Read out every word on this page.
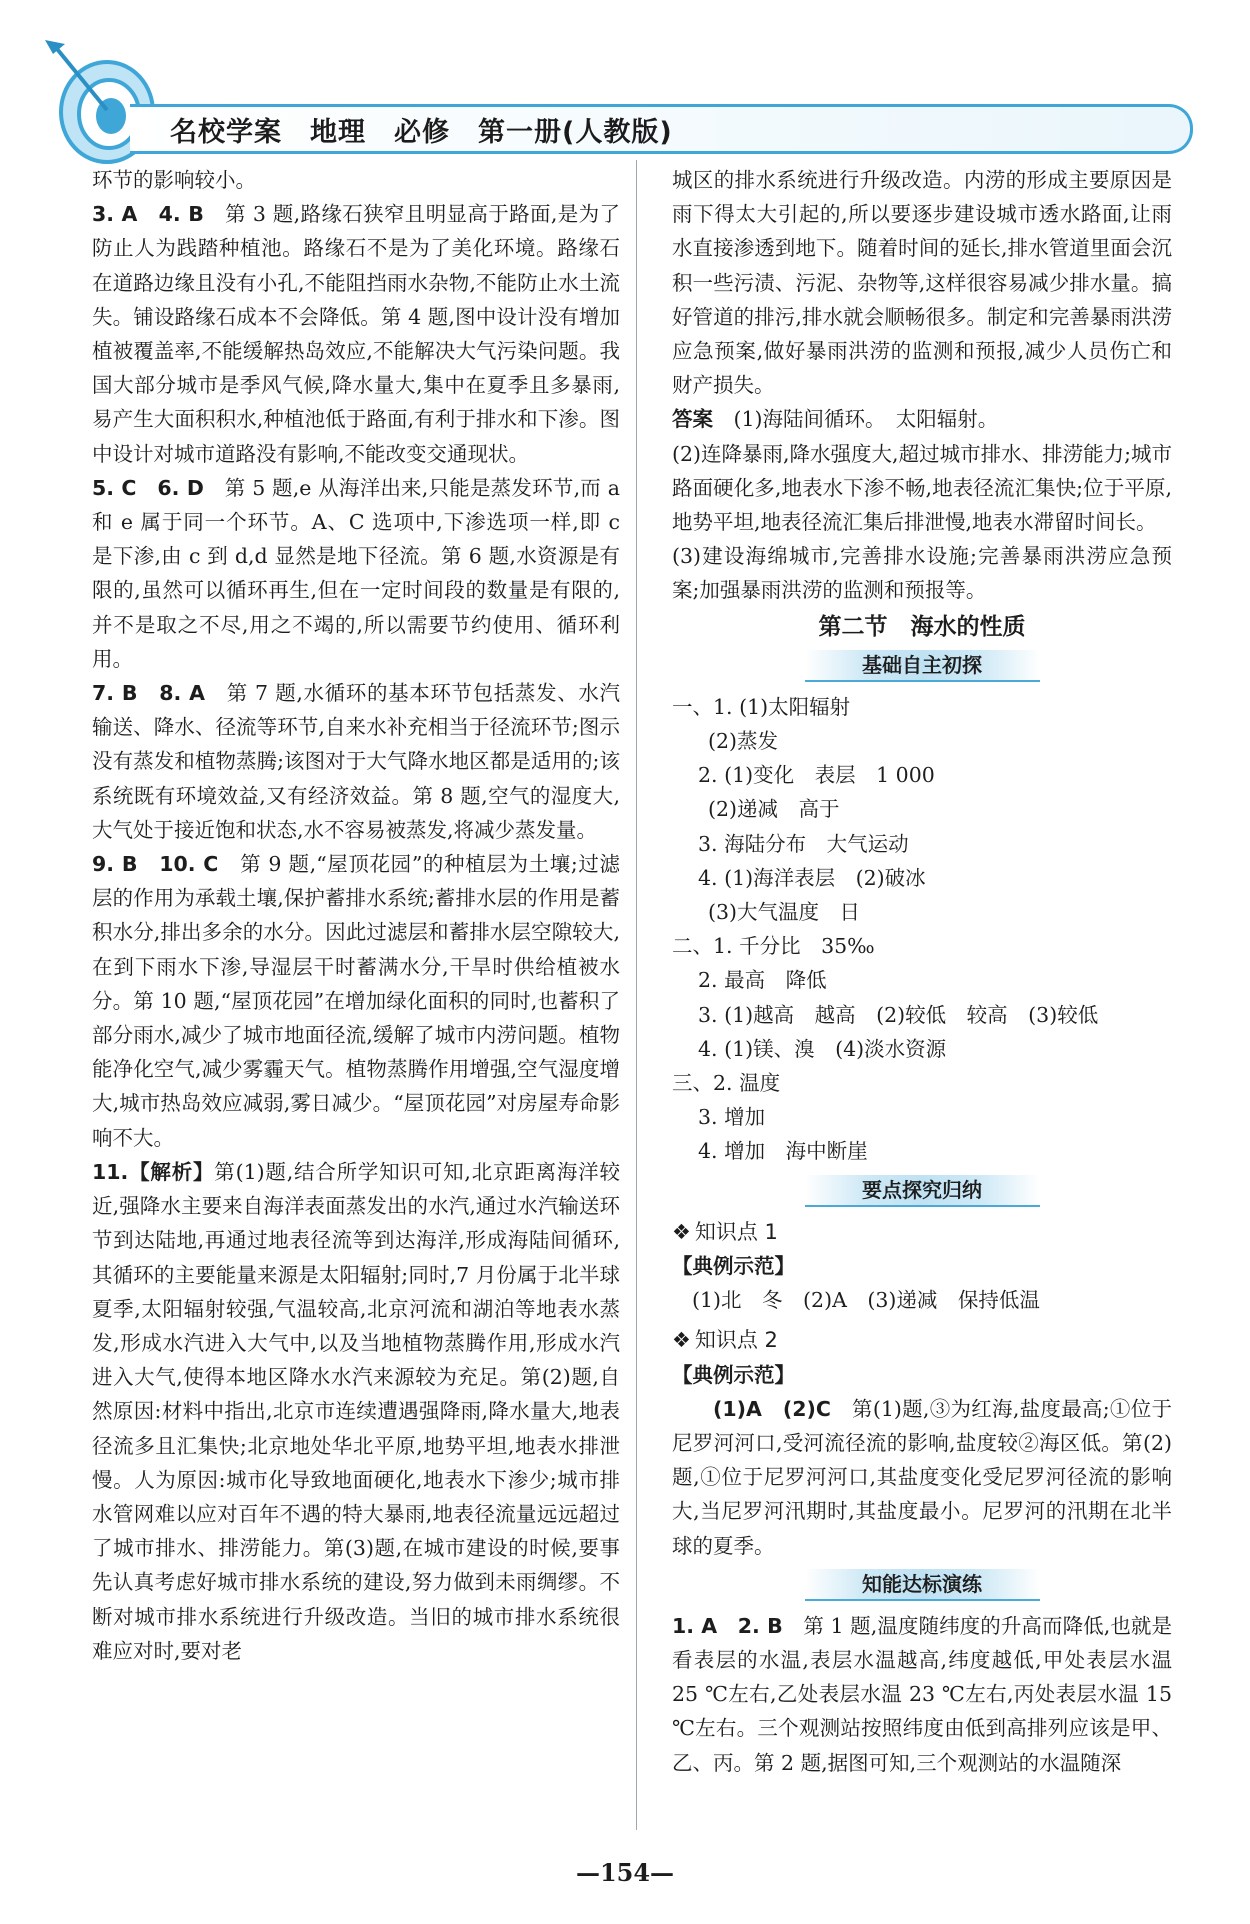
名校学案　地理　必修　第一册(人教版)

环节的影响较小。

3. A　4. B　第 3 题,路缘石狭窄且明显高于路面,是为了防止人为践踏种植池。路缘石不是为了美化环境。路缘石在道路边缘且没有小孔,不能阻挡雨水杂物,不能防止水土流失。铺设路缘石成本不会降低。第 4 题,图中设计没有增加植被覆盖率,不能缓解热岛效应,不能解决大气污染问题。我国大部分城市是季风气候,降水量大,集中在夏季且多暴雨,易产生大面积积水,种植池低于路面,有利于排水和下渗。图中设计对城市道路没有影响,不能改变交通现状。

5. C　6. D　第 5 题,e 从海洋出来,只能是蒸发环节,而 a 和 e 属于同一个环节。A、C 选项中,下渗选项一样,即 c 是下渗,由 c 到 d,d 显然是地下径流。第 6 题,水资源是有限的,虽然可以循环再生,但在一定时间段的数量是有限的,并不是取之不尽,用之不竭的,所以需要节约使用、循环利用。

7. B　8. A　第 7 题,水循环的基本环节包括蒸发、水汽输送、降水、径流等环节,自来水补充相当于径流环节;图示没有蒸发和植物蒸腾;该图对于大气降水地区都是适用的;该系统既有环境效益,又有经济效益。第 8 题,空气的湿度大,大气处于接近饱和状态,水不容易被蒸发,将减少蒸发量。

9. B　10. C　第 9 题,“屋顶花园”的种植层为土壤;过滤层的作用为承载土壤,保护蓄排水系统;蓄排水层的作用是蓄积水分,排出多余的水分。因此过滤层和蓄排水层空隙较大,在到下雨水下渗,导湿层干时蓄满水分,干旱时供给植被水分。第 10 题,“屋顶花园”在增加绿化面积的同时,也蓄积了部分雨水,减少了城市地面径流,缓解了城市内涝问题。植物能净化空气,减少雾霾天气。植物蒸腾作用增强,空气湿度增大,城市热岛效应减弱,雾日减少。“屋顶花园”对房屋寿命影响不大。

11.【解析】第(1)题,结合所学知识可知,北京距离海洋较近,强降水主要来自海洋表面蒸发出的水汽,通过水汽输送环节到达陆地,再通过地表径流等到达海洋,形成海陆间循环,其循环的主要能量来源是太阳辐射;同时,7 月份属于北半球夏季,太阳辐射较强,气温较高,北京河流和湖泊等地表水蒸发,形成水汽进入大气中,以及当地植物蒸腾作用,形成水汽进入大气,使得本地区降水水汽来源较为充足。第(2)题,自然原因:材料中指出,北京市连续遭遇强降雨,降水量大,地表径流多且汇集快;北京地处华北平原,地势平坦,地表水排泄慢。人为原因:城市化导致地面硬化,地表水下渗少;城市排水管网难以应对百年不遇的特大暴雨,地表径流量远远超过了城市排水、排涝能力。第(3)题,在城市建设的时候,要事先认真考虑好城市排水系统的建设,努力做到未雨绸缪。不断对城市排水系统进行升级改造。当旧的城市排水系统很难应对时,要对老

城区的排水系统进行升级改造。内涝的形成主要原因是雨下得太大引起的,所以要逐步建设城市透水路面,让雨水直接渗透到地下。随着时间的延长,排水管道里面会沉积一些污渍、污泥、杂物等,这样很容易减少排水量。搞好管道的排污,排水就会顺畅很多。制定和完善暴雨洪涝应急预案,做好暴雨洪涝的监测和预报,减少人员伤亡和财产损失。

答案　(1)海陆间循环。　太阳辐射。

(2)连降暴雨,降水强度大,超过城市排水、排涝能力;城市路面硬化多,地表水下渗不畅,地表径流汇集快;位于平原,地势平坦,地表径流汇集后排泄慢,地表水滞留时间长。

(3)建设海绵城市,完善排水设施;完善暴雨洪涝应急预案;加强暴雨洪涝的监测和预报等。

第二节　海水的性质

基础自主初探

一、1. (1)太阳辐射

(2)蒸发

2. (1)变化　表层　1 000

(2)递减　高于

3. 海陆分布　大气运动

4. (1)海洋表层　(2)破冰

(3)大气温度　日

二、1. 千分比　35‰

2. 最高　降低

3. (1)越高　越高　(2)较低　较高　(3)较低

4. (1)镁、溴　(4)淡水资源

三、2. 温度

3. 增加

4. 增加　海中断崖

要点探究归纳

❖ 知识点 1

【典例示范】

(1)北　冬　(2)A　(3)递减　保持低温

❖ 知识点 2

【典例示范】

(1)A　(2)C　第(1)题,③为红海,盐度最高;①位于尼罗河河口,受河流径流的影响,盐度较②海区低。第(2)题,①位于尼罗河河口,其盐度变化受尼罗河径流的影响大,当尼罗河汛期时,其盐度最小。尼罗河的汛期在北半球的夏季。

知能达标演练

1. A　2. B　第 1 题,温度随纬度的升高而降低,也就是看表层的水温,表层水温越高,纬度越低,甲处表层水温 25 ℃左右,乙处表层水温 23 ℃左右,丙处表层水温 15 ℃左右。三个观测站按照纬度由低到高排列应该是甲、乙、丙。第 2 题,据图可知,三个观测站的水温随深

—154—
